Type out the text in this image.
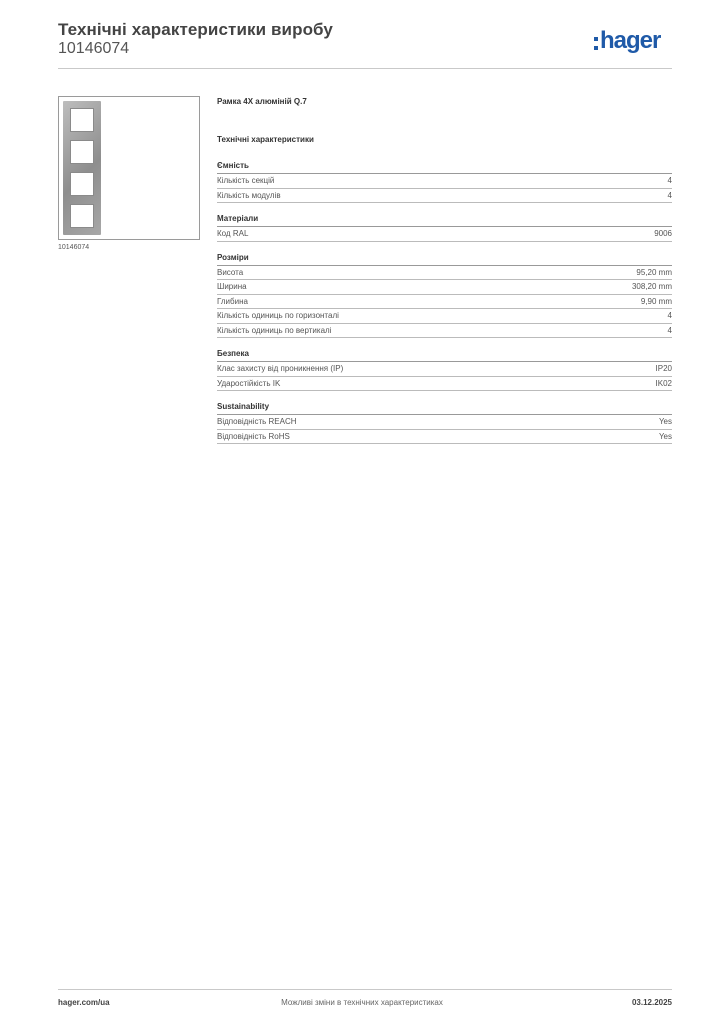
Технічні характеристики виробу
10146074	hager
10146074
Рамка 4X алюміній Q.7
Технічні характеристики
Ємність
Кількість секцій	4
Кількість модулів	4
Матеріали
Код RAL	9006
Розміри
Висота	95,20 mm
Ширина	308,20 mm
Глибина	9,90 mm
Кількість одиниць по горизонталі	4
Кількість одиниць по вертикалі	4
Безпека
Клас захисту від проникнення (IP)	IP20
Ударостійкість IK	IK02
Sustainability
Відповідність REACH	Yes
Відповідність RoHS	Yes
hager.com/ua	Можливі зміни в технічних характеристиках	03.12.2025
